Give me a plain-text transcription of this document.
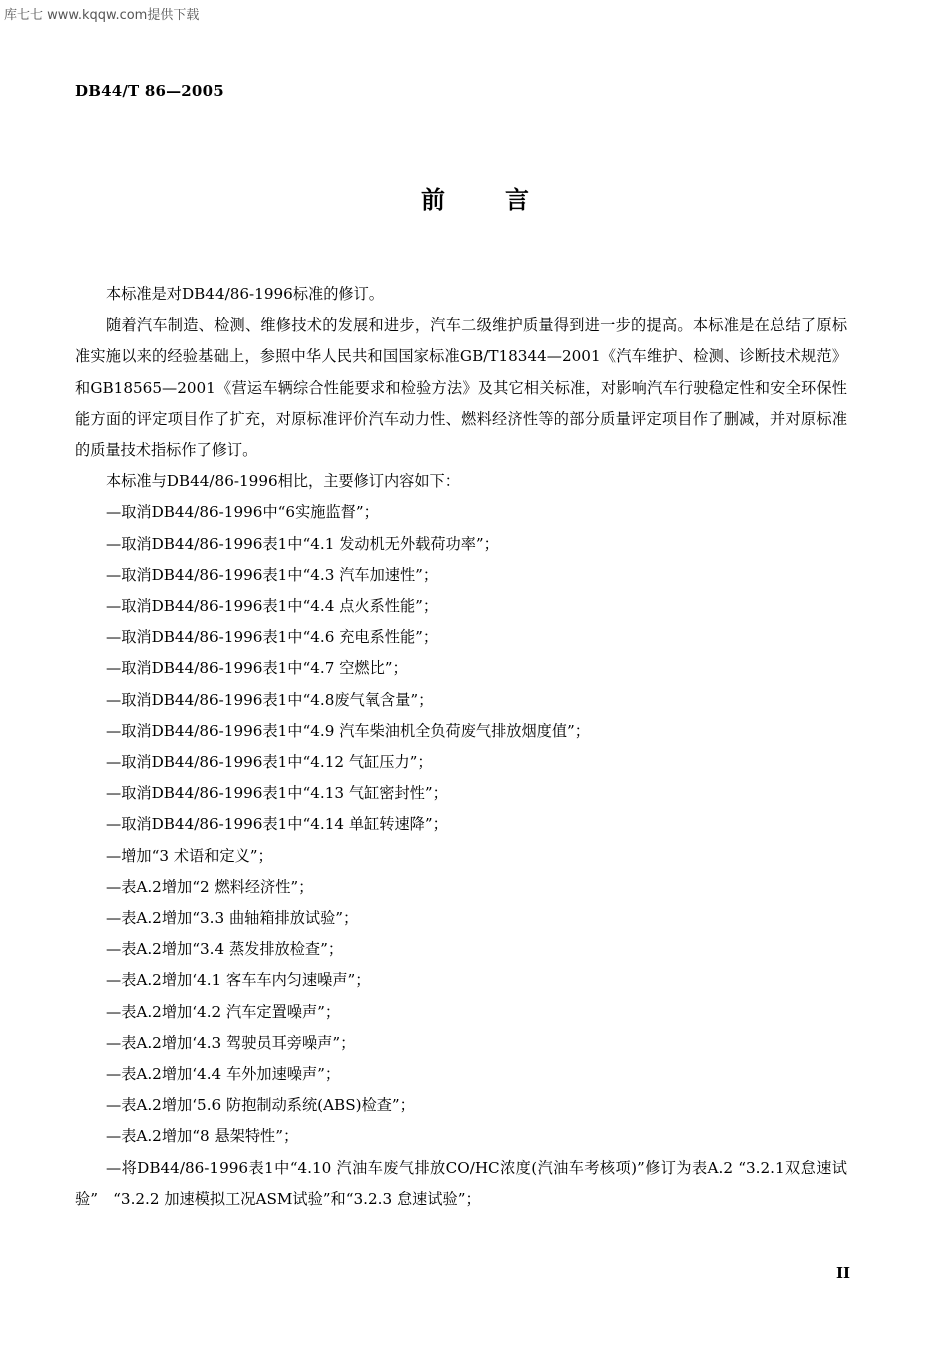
库七七 www.kqqw.com提供下载
DB44/T 86—2005
前	言

本标准是对DB44/86-1996标准的修订。

随着汽车制造、检测、维修技术的发展和进步，汽车二级维护质量得到进一步的提高。本标准是在总结了原标准实施以来的经验基础上，参照中华人民共和国国家标准GB/T18344—2001《汽车维护、检测、诊断技术规范》和GB18565—2001《营运车辆综合性能要求和检验方法》及其它相关标准，对影响汽车行驶稳定性和安全环保性能方面的评定项目作了扩充，对原标准评价汽车动力性、燃料经济性等的部分质量评定项目作了删减，并对原标准的质量技术指标作了修订。

本标准与DB44/86-1996相比，主要修订内容如下：

—取消DB44/86-1996中“6实施监督”；
—取消DB44/86-1996表1中“4.1 发动机无外载荷功率”；
—取消DB44/86-1996表1中“4.3 汽车加速性”；
—取消DB44/86-1996表1中“4.4 点火系性能”；
—取消DB44/86-1996表1中“4.6 充电系性能”；
—取消DB44/86-1996表1中“4.7 空燃比”；
—取消DB44/86-1996表1中“4.8废气氧含量”；
—取消DB44/86-1996表1中“4.9 汽车柴油机全负荷废气排放烟度值”；
—取消DB44/86-1996表1中“4.12 气缸压力”；
—取消DB44/86-1996表1中“4.13 气缸密封性”；
—取消DB44/86-1996表1中“4.14 单缸转速降”；
—增加“3 术语和定义”；
—表A.2增加“2 燃料经济性”；
—表A.2增加“3.3 曲轴箱排放试验”；
—表A.2增加“3.4 蒸发排放检查”；
—表A.2增加‘4.1 客车车内匀速噪声”；
—表A.2增加‘4.2 汽车定置噪声”；
—表A.2增加‘4.3 驾驶员耳旁噪声”；
—表A.2增加‘4.4 车外加速噪声”；
—表A.2增加‘5.6 防抱制动系统(ABS)检查”；
—表A.2增加“8 悬架特性”；
—将DB44/86-1996表1中“4.10 汽油车废气排放CO/HC浓度(汽油车考核项)”修订为表A.2 “3.2.1双怠速试验”　“3.2.2 加速模拟工况ASM试验”和“3.2.3 怠速试验”；
II
